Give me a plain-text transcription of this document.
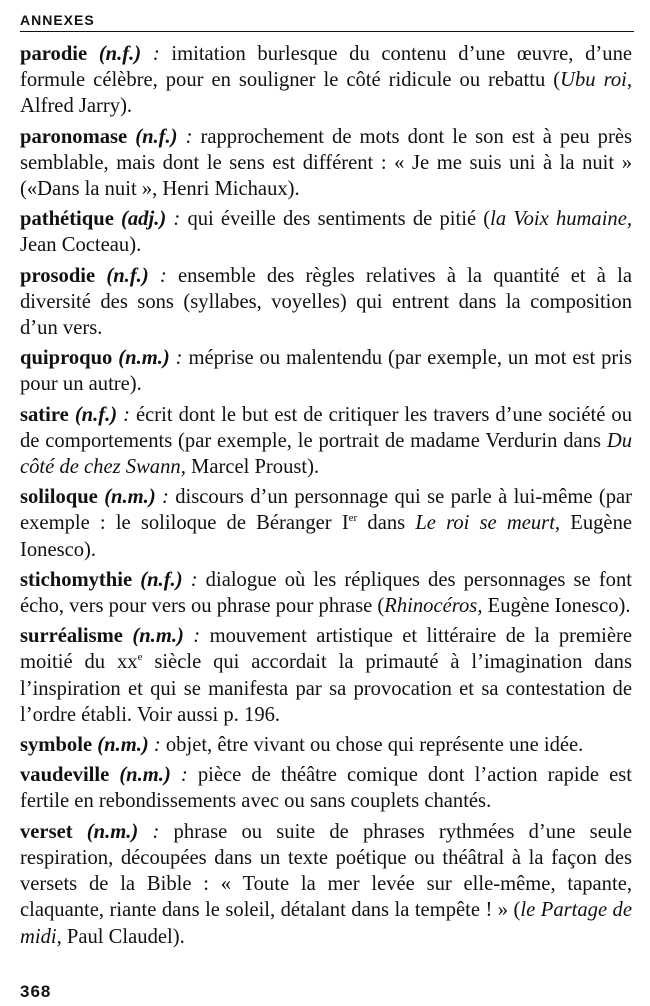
ANNEXES

parodie (n.f.) : imitation burlesque du contenu d’une œuvre, d’une formule célèbre, pour en souligner le côté ridicule ou rebattu (Ubu roi, Alfred Jarry).

paronomase (n.f.) : rapprochement de mots dont le son est à peu près semblable, mais dont le sens est différent : « Je me suis uni à la nuit » («Dans la nuit », Henri Michaux).

pathétique (adj.) : qui éveille des sentiments de pitié (la Voix humaine, Jean Cocteau).

prosodie (n.f.) : ensemble des règles relatives à la quantité et à la diversité des sons (syllabes, voyelles) qui entrent dans la composition d’un vers.

quiproquo (n.m.) : méprise ou malentendu (par exemple, un mot est pris pour un autre).

satire (n.f.) : écrit dont le but est de critiquer les travers d’une société ou de comportements (par exemple, le portrait de madame Verdurin dans Du côté de chez Swann, Marcel Proust).

soliloque (n.m.) : discours d’un personnage qui se parle à lui-même (par exemple : le soliloque de Béranger Ier dans Le roi se meurt, Eugène Ionesco).

stichomythie (n.f.) : dialogue où les répliques des personnages se font écho, vers pour vers ou phrase pour phrase (Rhinocéros, Eugène Ionesco).

surréalisme (n.m.) : mouvement artistique et littéraire de la première moitié du $xx^e$ siècle qui accordait la primauté à l’imagination dans l’inspiration et qui se manifesta par sa provocation et sa contestation de l’ordre établi. Voir aussi p. 196.

symbole (n.m.) : objet, être vivant ou chose qui représente une idée.

vaudeville (n.m.) : pièce de théâtre comique dont l’action rapide est fertile en rebondissements avec ou sans couplets chantés.

verset (n.m.) : phrase ou suite de phrases rythmées d’une seule respiration, découpées dans un texte poétique ou théâtral à la façon des versets de la Bible : « Toute la mer levée sur elle-même, tapante, claquante, riante dans le soleil, détalant dans la tempête ! » (le Partage de midi, Paul Claudel).

368
